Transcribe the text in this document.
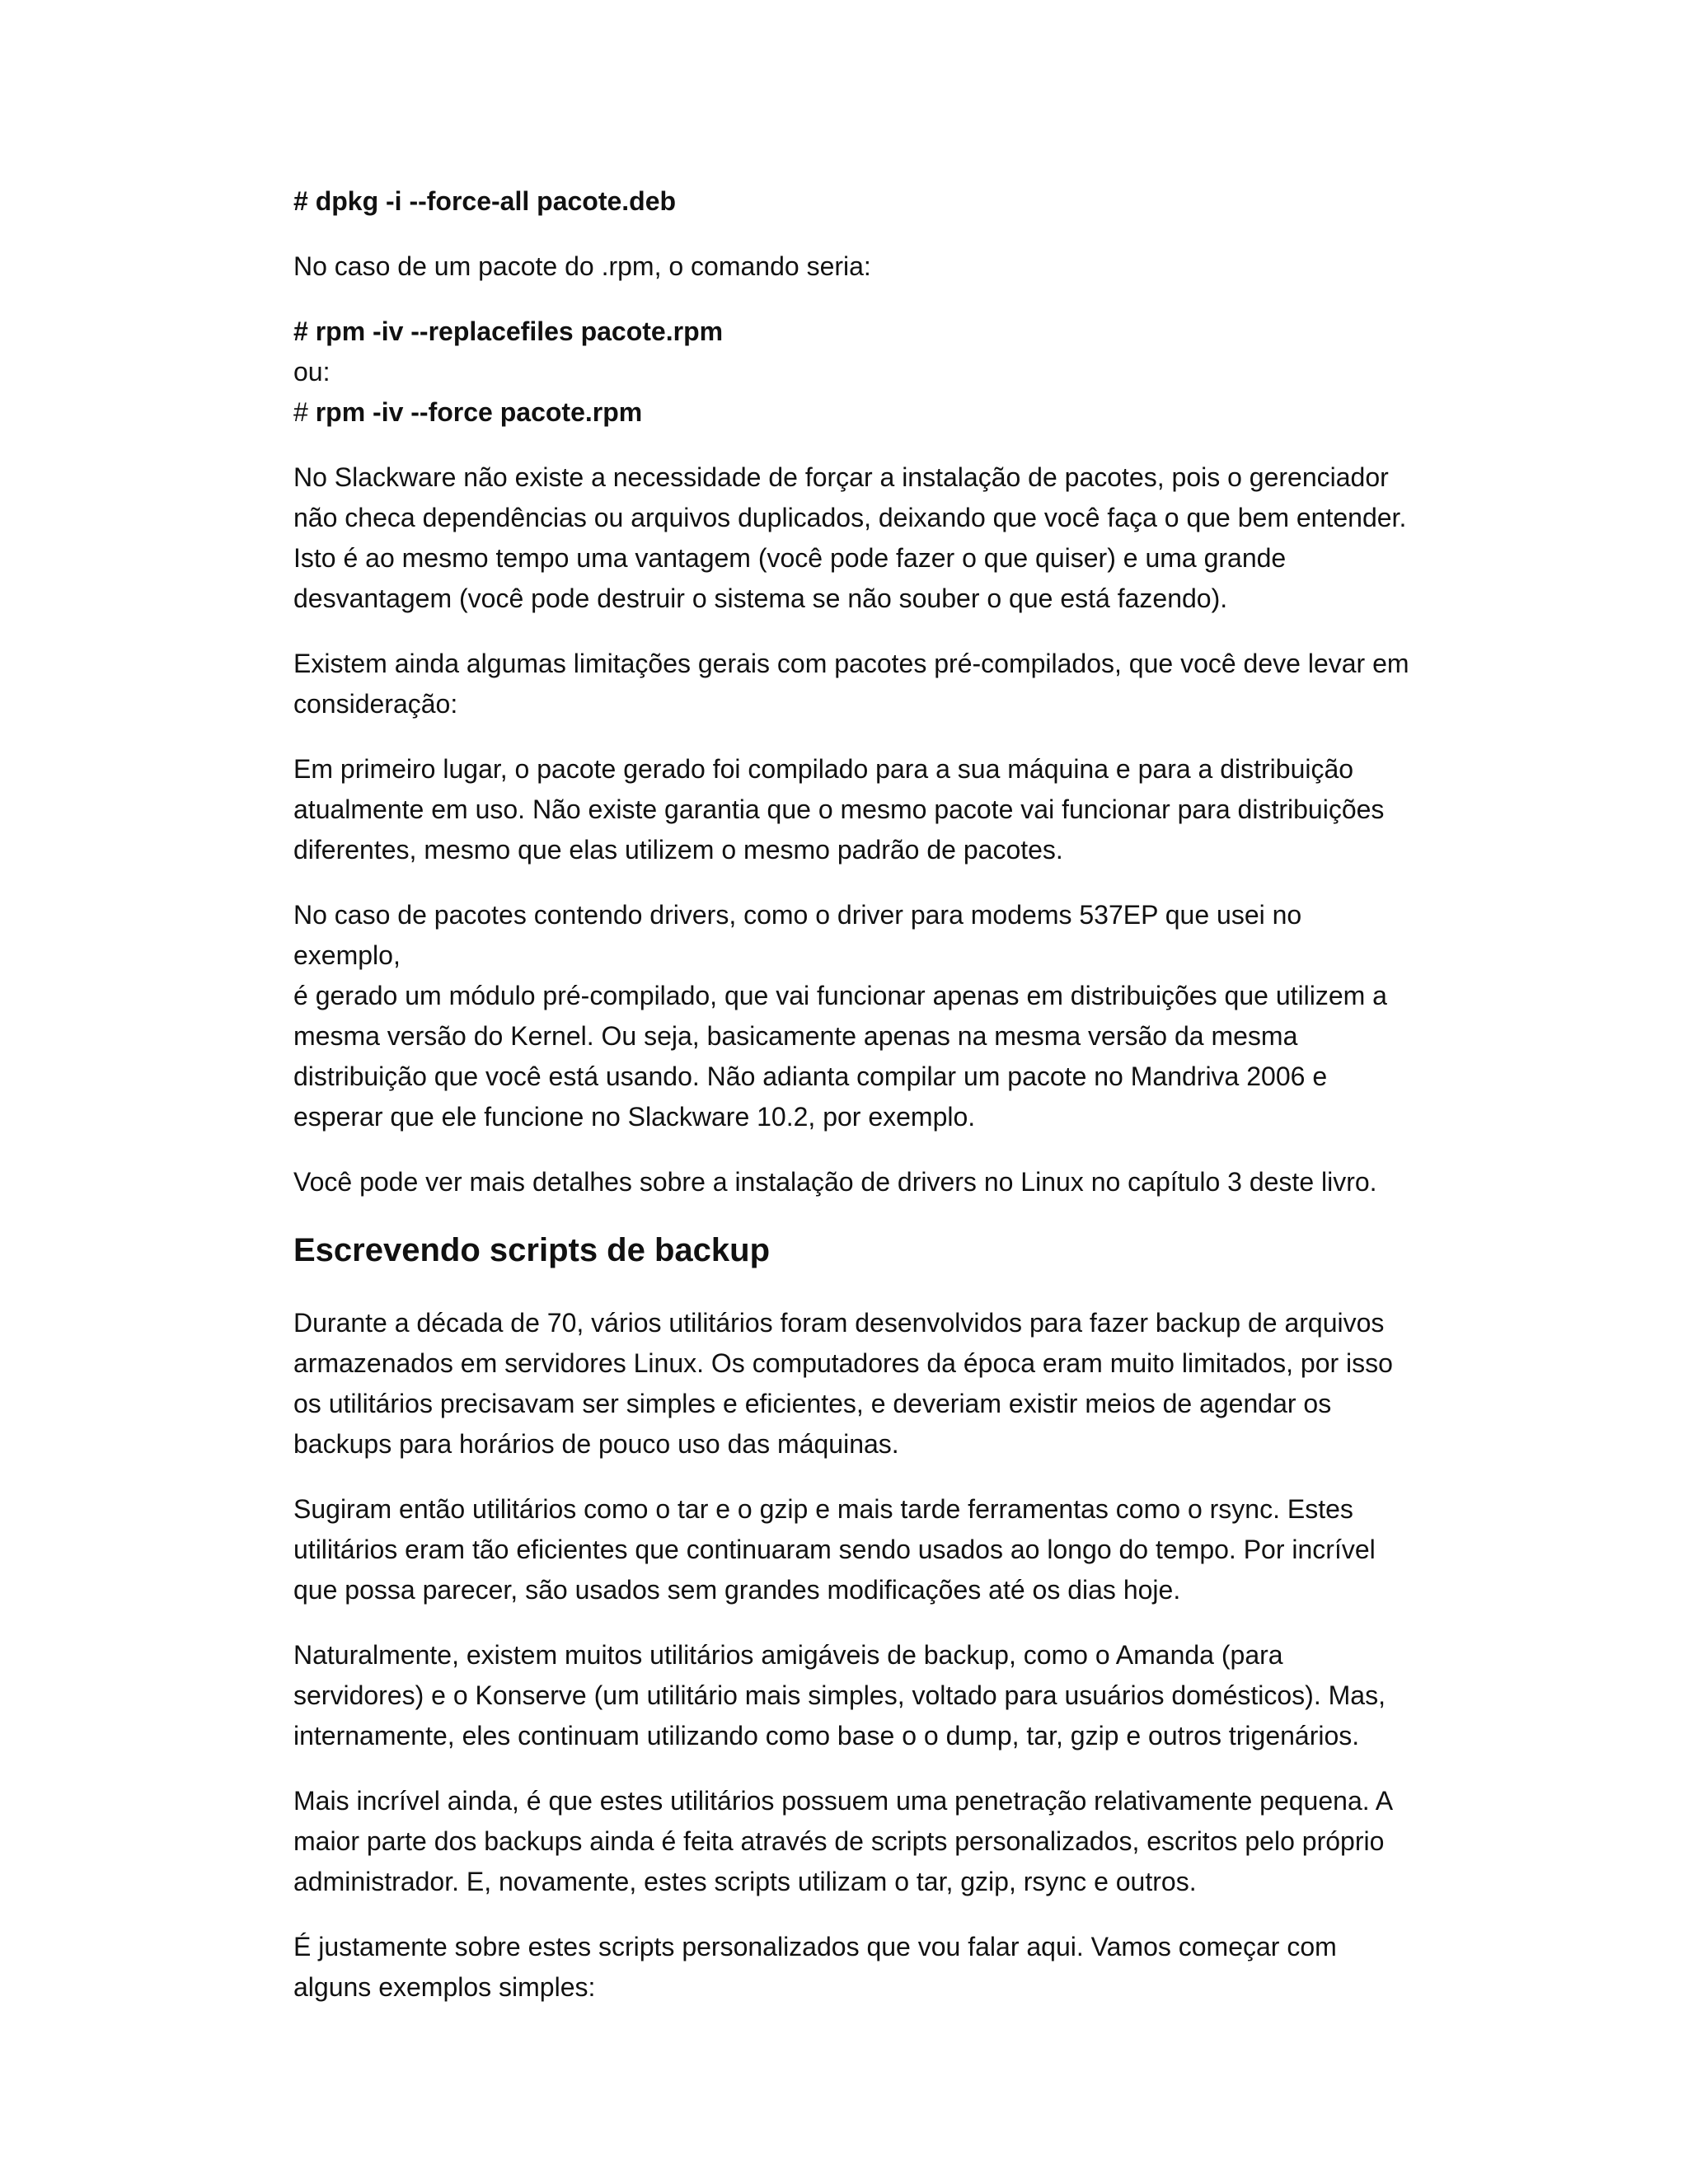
# dpkg -i --force-all pacote.deb
No caso de um pacote do .rpm, o comando seria:
# rpm -iv --replacefiles pacote.rpm
ou:
# rpm -iv --force pacote.rpm
No Slackware não existe a necessidade de forçar a instalação de pacotes, pois o gerenciador
não checa dependências ou arquivos duplicados, deixando que você faça o que bem entender.
Isto é ao mesmo tempo uma vantagem (você pode fazer o que quiser) e uma grande
desvantagem (você pode destruir o sistema se não souber o que está fazendo).
Existem ainda algumas limitações gerais com pacotes pré-compilados, que você deve levar em
consideração:
Em primeiro lugar, o pacote gerado foi compilado para a sua máquina e para a distribuição
atualmente em uso. Não existe garantia que o mesmo pacote vai funcionar para distribuições
diferentes, mesmo que elas utilizem o mesmo padrão de pacotes.
No caso de pacotes contendo drivers, como o driver para modems 537EP que usei no exemplo,
é gerado um módulo pré-compilado, que vai funcionar apenas em distribuições que utilizem a
mesma versão do Kernel. Ou seja, basicamente apenas na mesma versão da mesma
distribuição que você está usando. Não adianta compilar um pacote no Mandriva 2006 e
esperar que ele funcione no Slackware 10.2, por exemplo.
Você pode ver mais detalhes sobre a instalação de drivers no Linux no capítulo 3 deste livro.
Escrevendo scripts de backup
Durante a década de 70, vários utilitários foram desenvolvidos para fazer backup de arquivos
armazenados em servidores Linux. Os computadores da época eram muito limitados, por isso
os utilitários precisavam ser simples e eficientes, e deveriam existir meios de agendar os
backups para horários de pouco uso das máquinas.
Sugiram então utilitários como o tar e o gzip e mais tarde ferramentas como o rsync. Estes
utilitários eram tão eficientes que continuaram sendo usados ao longo do tempo. Por incrível
que possa parecer, são usados sem grandes modificações até os dias hoje.
Naturalmente, existem muitos utilitários amigáveis de backup, como o Amanda (para
servidores) e o Konserve (um utilitário mais simples, voltado para usuários domésticos). Mas,
internamente, eles continuam utilizando como base o o dump, tar, gzip e outros trigenários.
Mais incrível ainda, é que estes utilitários possuem uma penetração relativamente pequena. A
maior parte dos backups ainda é feita através de scripts personalizados, escritos pelo próprio
administrador. E, novamente, estes scripts utilizam o tar, gzip, rsync e outros.
É justamente sobre estes scripts personalizados que vou falar aqui. Vamos começar com
alguns exemplos simples:
